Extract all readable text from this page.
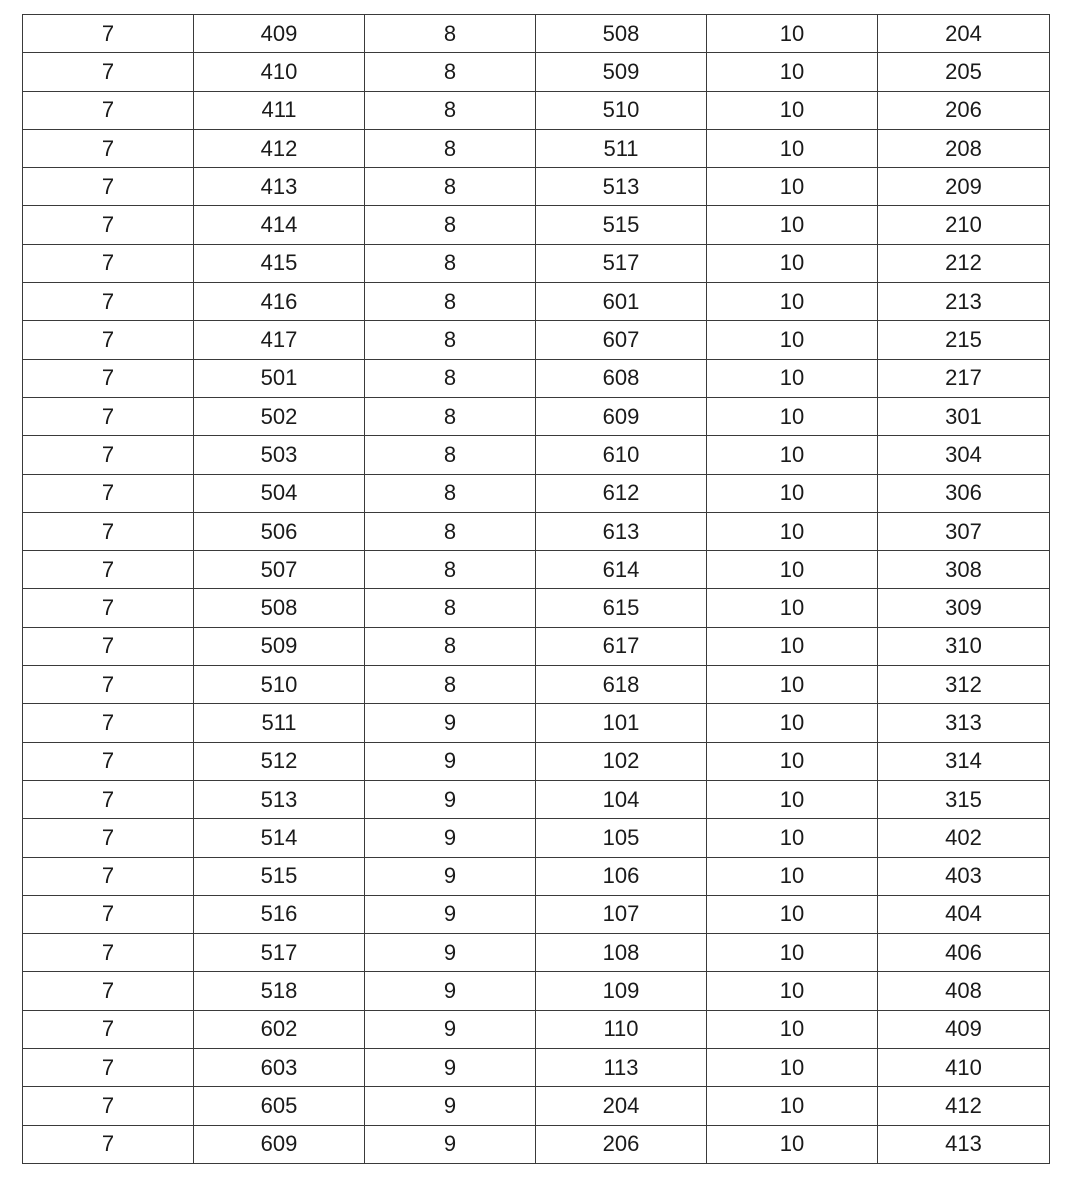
7	409	8	508	10	204
7	410	8	509	10	205
7	411	8	510	10	206
7	412	8	511	10	208
7	413	8	513	10	209
7	414	8	515	10	210
7	415	8	517	10	212
7	416	8	601	10	213
7	417	8	607	10	215
7	501	8	608	10	217
7	502	8	609	10	301
7	503	8	610	10	304
7	504	8	612	10	306
7	506	8	613	10	307
7	507	8	614	10	308
7	508	8	615	10	309
7	509	8	617	10	310
7	510	8	618	10	312
7	511	9	101	10	313
7	512	9	102	10	314
7	513	9	104	10	315
7	514	9	105	10	402
7	515	9	106	10	403
7	516	9	107	10	404
7	517	9	108	10	406
7	518	9	109	10	408
7	602	9	110	10	409
7	603	9	113	10	410
7	605	9	204	10	412
7	609	9	206	10	413
